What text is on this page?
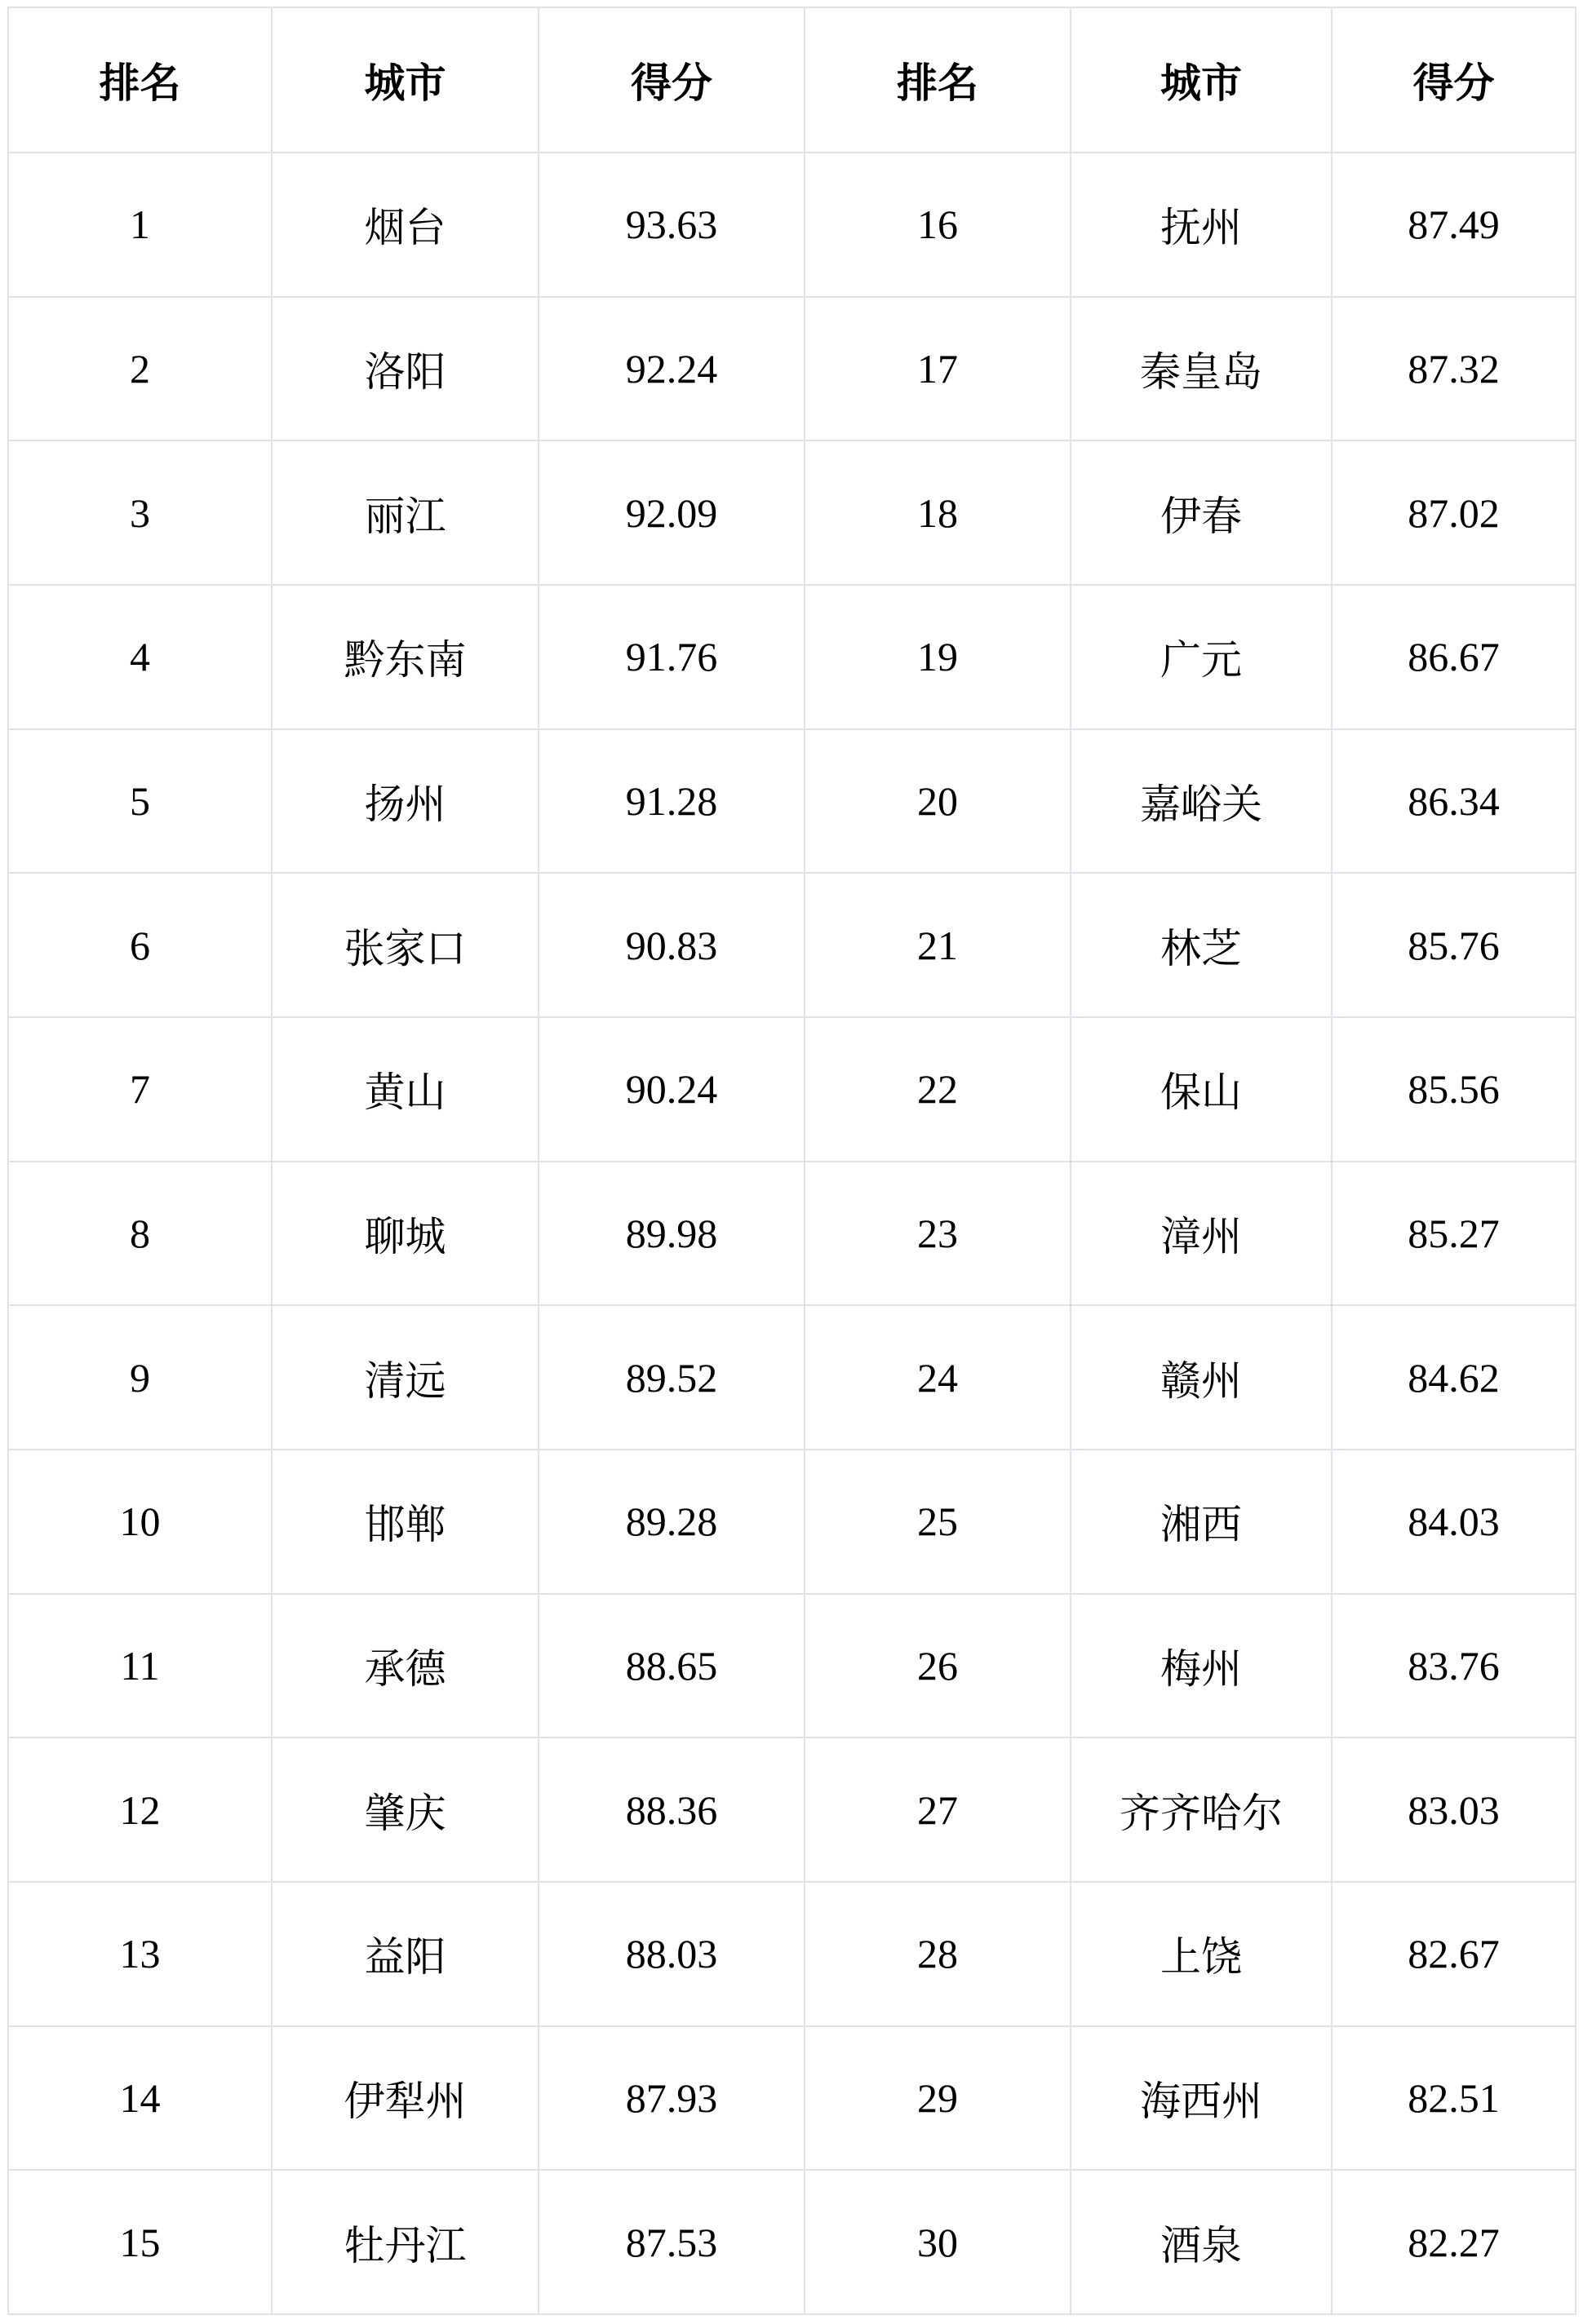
排名	城市	得分	排名	城市	得分
1	烟台	93.63	16	抚州	87.49
2	洛阳	92.24	17	秦皇岛	87.32
3	丽江	92.09	18	伊春	87.02
4	黔东南	91.76	19	广元	86.67
5	扬州	91.28	20	嘉峪关	86.34
6	张家口	90.83	21	林芝	85.76
7	黄山	90.24	22	保山	85.56
8	聊城	89.98	23	漳州	85.27
9	清远	89.52	24	赣州	84.62
10	邯郸	89.28	25	湘西	84.03
11	承德	88.65	26	梅州	83.76
12	肇庆	88.36	27	齐齐哈尔	83.03
13	益阳	88.03	28	上饶	82.67
14	伊犁州	87.93	29	海西州	82.51
15	牡丹江	87.53	30	酒泉	82.27
